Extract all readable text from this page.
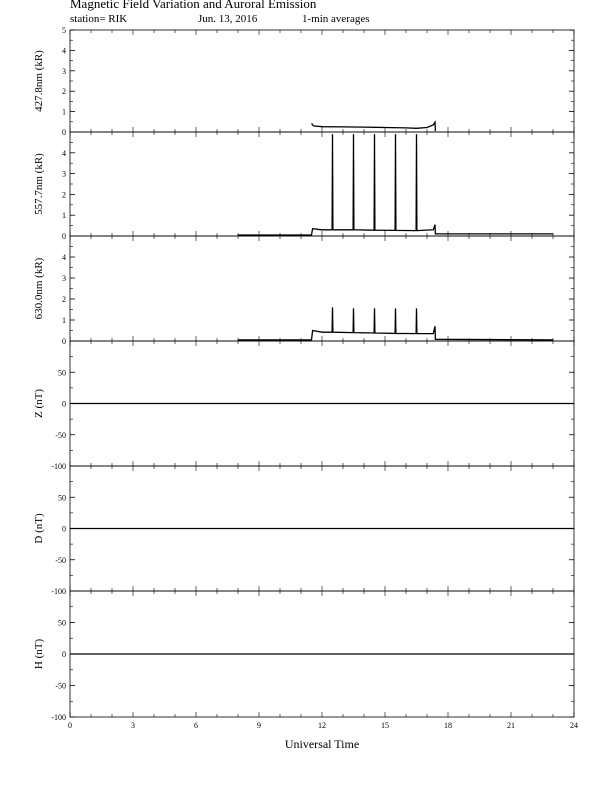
Magnetic Field Variation and Auroral Emission
station= RIK	Jun. 13, 2016	1-min averages
0
1
2
3
4
5
427.8nm (kR)
0
1
2
3
4
557.7nm (kR)
0
1
2
3
4
630.0nm (kR)
-100
-50
0
50
Z (nT)
-100
-50
0
50
D (nT)
-100
-50
0
50
H (nT)
0	3	6	9	12	15	18	21	24
Universal Time
